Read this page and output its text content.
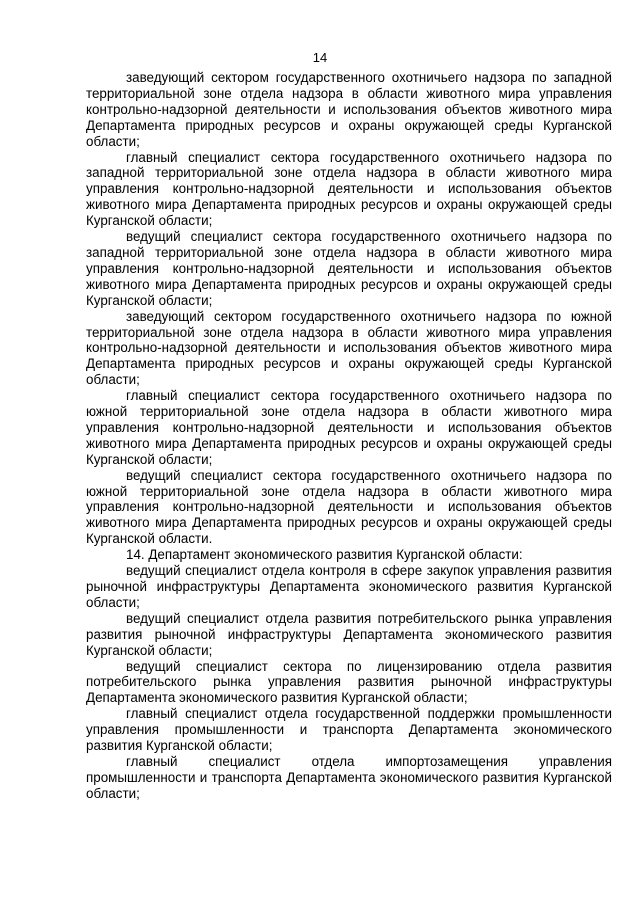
14

заведующий сектором государственного охотничьего надзора по западной территориальной зоне отдела надзора в области животного мира управления контрольно-надзорной деятельности и использования объектов животного мира Департамента природных ресурсов и охраны окружающей среды Курганской области;

главный специалист сектора государственного охотничьего надзора по западной территориальной зоне отдела надзора в области животного мира управления контрольно-надзорной деятельности и использования объектов животного мира Департамента природных ресурсов и охраны окружающей среды Курганской области;

ведущий специалист сектора государственного охотничьего надзора по западной территориальной зоне отдела надзора в области животного мира управления контрольно-надзорной деятельности и использования объектов животного мира Департамента природных ресурсов и охраны окружающей среды Курганской области;

заведующий сектором государственного охотничьего надзора по южной территориальной зоне отдела надзора в области животного мира управления контрольно-надзорной деятельности и использования объектов животного мира Департамента природных ресурсов и охраны окружающей среды Курганской области;

главный специалист сектора государственного охотничьего надзора по южной территориальной зоне отдела надзора в области животного мира управления контрольно-надзорной деятельности и использования объектов животного мира Департамента природных ресурсов и охраны окружающей среды Курганской области;

ведущий специалист сектора государственного охотничьего надзора по южной территориальной зоне отдела надзора в области животного мира управления контрольно-надзорной деятельности и использования объектов животного мира Департамента природных ресурсов и охраны окружающей среды Курганской области.

14. Департамент экономического развития Курганской области:

ведущий специалист отдела контроля в сфере закупок управления развития рыночной инфраструктуры Департамента экономического развития Курганской области;

ведущий специалист отдела развития потребительского рынка управления развития рыночной инфраструктуры Департамента экономического развития Курганской области;

ведущий специалист сектора по лицензированию отдела развития потребительского рынка управления развития рыночной инфраструктуры Департамента экономического развития Курганской области;

главный специалист отдела государственной поддержки промышленности управления промышленности и транспорта Департамента экономического развития Курганской области;

главный специалист отдела импортозамещения управления промышленности и транспорта Департамента экономического развития Курганской области;
